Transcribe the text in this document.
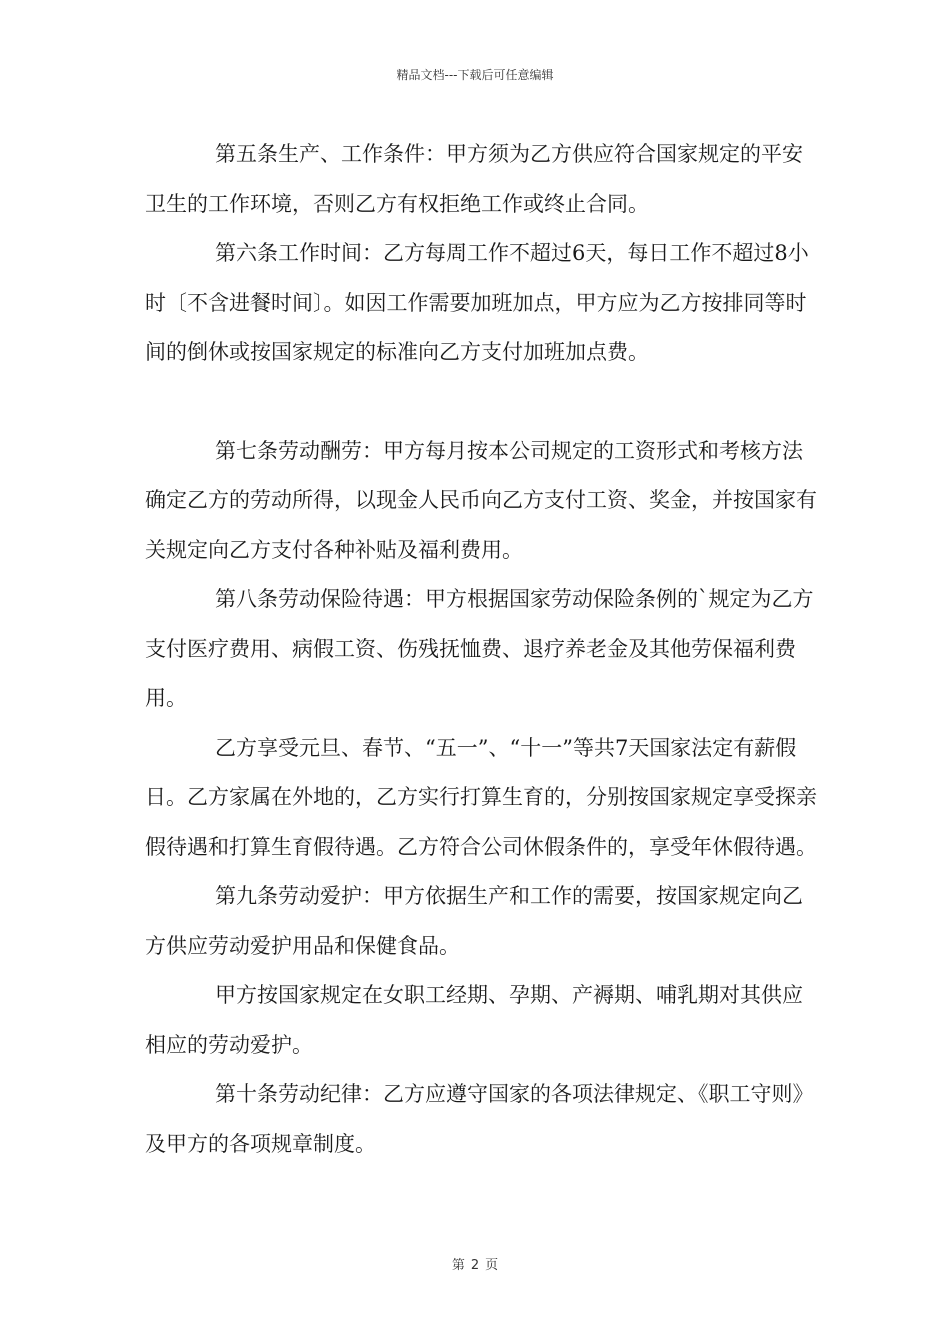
精品文档---下载后可任意编辑

第五条生产、工作条件：甲方须为乙方供应符合国家规定的平安卫生的工作环境，否则乙方有权拒绝工作或终止合同。

第六条工作时间：乙方每周工作不超过6天，每日工作不超过8小时〔不含进餐时间〕。如因工作需要加班加点，甲方应为乙方按排同等时间的倒休或按国家规定的标准向乙方支付加班加点费。

第七条劳动酬劳：甲方每月按本公司规定的工资形式和考核方法确定乙方的劳动所得，以现金人民币向乙方支付工资、奖金，并按国家有关规定向乙方支付各种补贴及福利费用。

第八条劳动保险待遇：甲方根据国家劳动保险条例的`规定为乙方支付医疗费用、病假工资、伤残抚恤费、退疗养老金及其他劳保福利费用。

乙方享受元旦、春节、“五一”、“十一”等共7天国家法定有薪假日。乙方家属在外地的，乙方实行打算生育的，分别按国家规定享受探亲假待遇和打算生育假待遇。乙方符合公司休假条件的，享受年休假待遇。

第九条劳动爱护：甲方依据生产和工作的需要，按国家规定向乙方供应劳动爱护用品和保健食品。

甲方按国家规定在女职工经期、孕期、产褥期、哺乳期对其供应相应的劳动爱护。

第十条劳动纪律：乙方应遵守国家的各项法律规定、《职工守则》及甲方的各项规章制度。

第 2 页
